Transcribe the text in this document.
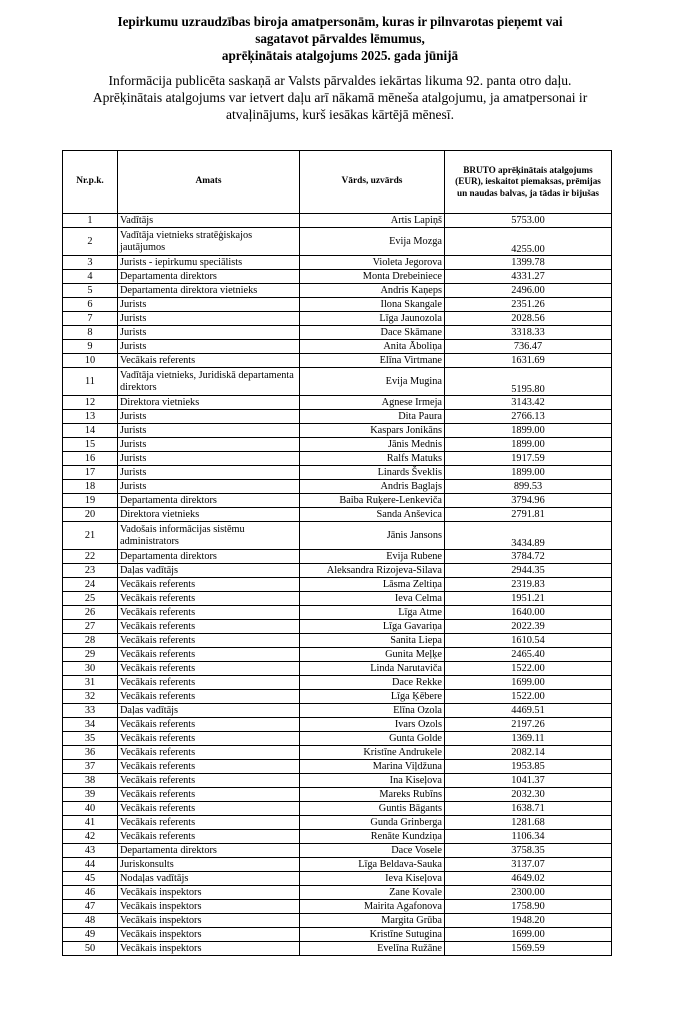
Iepirkumu uzraudzības biroja amatpersonām, kuras ir pilnvarotas pieņemt vai
sagatavot pārvaldes lēmumus,
aprēķinātais atalgojums 2025. gada jūnijā
Informācija publicēta saskaņā ar Valsts pārvaldes iekārtas likuma 92. panta otro daļu.
Aprēķinātais atalgojums var ietvert daļu arī nākamā mēneša atalgojumu, ja amatpersonai ir
atvaļinājums, kurš iesākas kārtējā mēnesī.
Nr.p.k.	Amats	Vārds, uzvārds	BRUTO aprēķinātais atalgojums (EUR), ieskaitot piemaksas, prēmijas un naudas balvas, ja tādas ir bijušas
1	Vadītājs	Artis Lapiņš	5753.00
2	Vadītāja vietnieks stratēģiskajos jautājumos	Evija Mozga	4255.00
3	Jurists - iepirkumu speciālists	Violeta Jegorova	1399.78
4	Departamenta direktors	Monta Drebeiniece	4331.27
5	Departamenta direktora vietnieks	Andris Kaņeps	2496.00
6	Jurists	Ilona Skangale	2351.26
7	Jurists	Līga Jaunozola	2028.56
8	Jurists	Dace Skāmane	3318.33
9	Jurists	Anita Āboliņa	736.47
10	Vecākais referents	Elīna Virtmane	1631.69
11	Vadītāja vietnieks, Juridiskā departamenta direktors	Evija Mugina	5195.80
12	Direktora vietnieks	Agnese Irmeja	3143.42
13	Jurists	Dita Paura	2766.13
14	Jurists	Kaspars Jonikāns	1899.00
15	Jurists	Jānis Mednis	1899.00
16	Jurists	Ralfs Matuks	1917.59
17	Jurists	Linards Šveklis	1899.00
18	Jurists	Andris Baglajs	899.53
19	Departamenta direktors	Baiba Ruķere-Lenkeviča	3794.96
20	Direktora vietnieks	Sanda Anševica	2791.81
21	Vadošais informācijas sistēmu administrators	Jānis Jansons	3434.89
22	Departamenta direktors	Evija Rubene	3784.72
23	Daļas vadītājs	Aleksandra Rizojeva-Silava	2944.35
24	Vecākais referents	Lāsma Zeltiņa	2319.83
25	Vecākais referents	Ieva Celma	1951.21
26	Vecākais referents	Līga Atme	1640.00
27	Vecākais referents	Līga Gavariņa	2022.39
28	Vecākais referents	Sanita Liepa	1610.54
29	Vecākais referents	Gunita Meļķe	2465.40
30	Vecākais referents	Linda Narutaviča	1522.00
31	Vecākais referents	Dace Rekke	1699.00
32	Vecākais referents	Līga Ķēbere	1522.00
33	Daļas vadītājs	Elīna Ozola	4469.51
34	Vecākais referents	Ivars Ozols	2197.26
35	Vecākais referents	Gunta Golde	1369.11
36	Vecākais referents	Kristīne Andrukele	2082.14
37	Vecākais referents	Marina Viļdžuna	1953.85
38	Vecākais referents	Ina Kiseļova	1041.37
39	Vecākais referents	Mareks Rubīns	2032.30
40	Vecākais referents	Guntis Bāgants	1638.71
41	Vecākais referents	Gunda Grinberga	1281.68
42	Vecākais referents	Renāte Kundziņa	1106.34
43	Departamenta direktors	Dace Vosele	3758.35
44	Juriskonsults	Līga Beldava-Sauka	3137.07
45	Nodaļas vadītājs	Ieva Kiseļova	4649.02
46	Vecākais inspektors	Zane Kovale	2300.00
47	Vecākais inspektors	Mairita Agafonova	1758.90
48	Vecākais inspektors	Margita Grūba	1948.20
49	Vecākais inspektors	Kristīne Sutugina	1699.00
50	Vecākais inspektors	Evelīna Ružāne	1569.59
